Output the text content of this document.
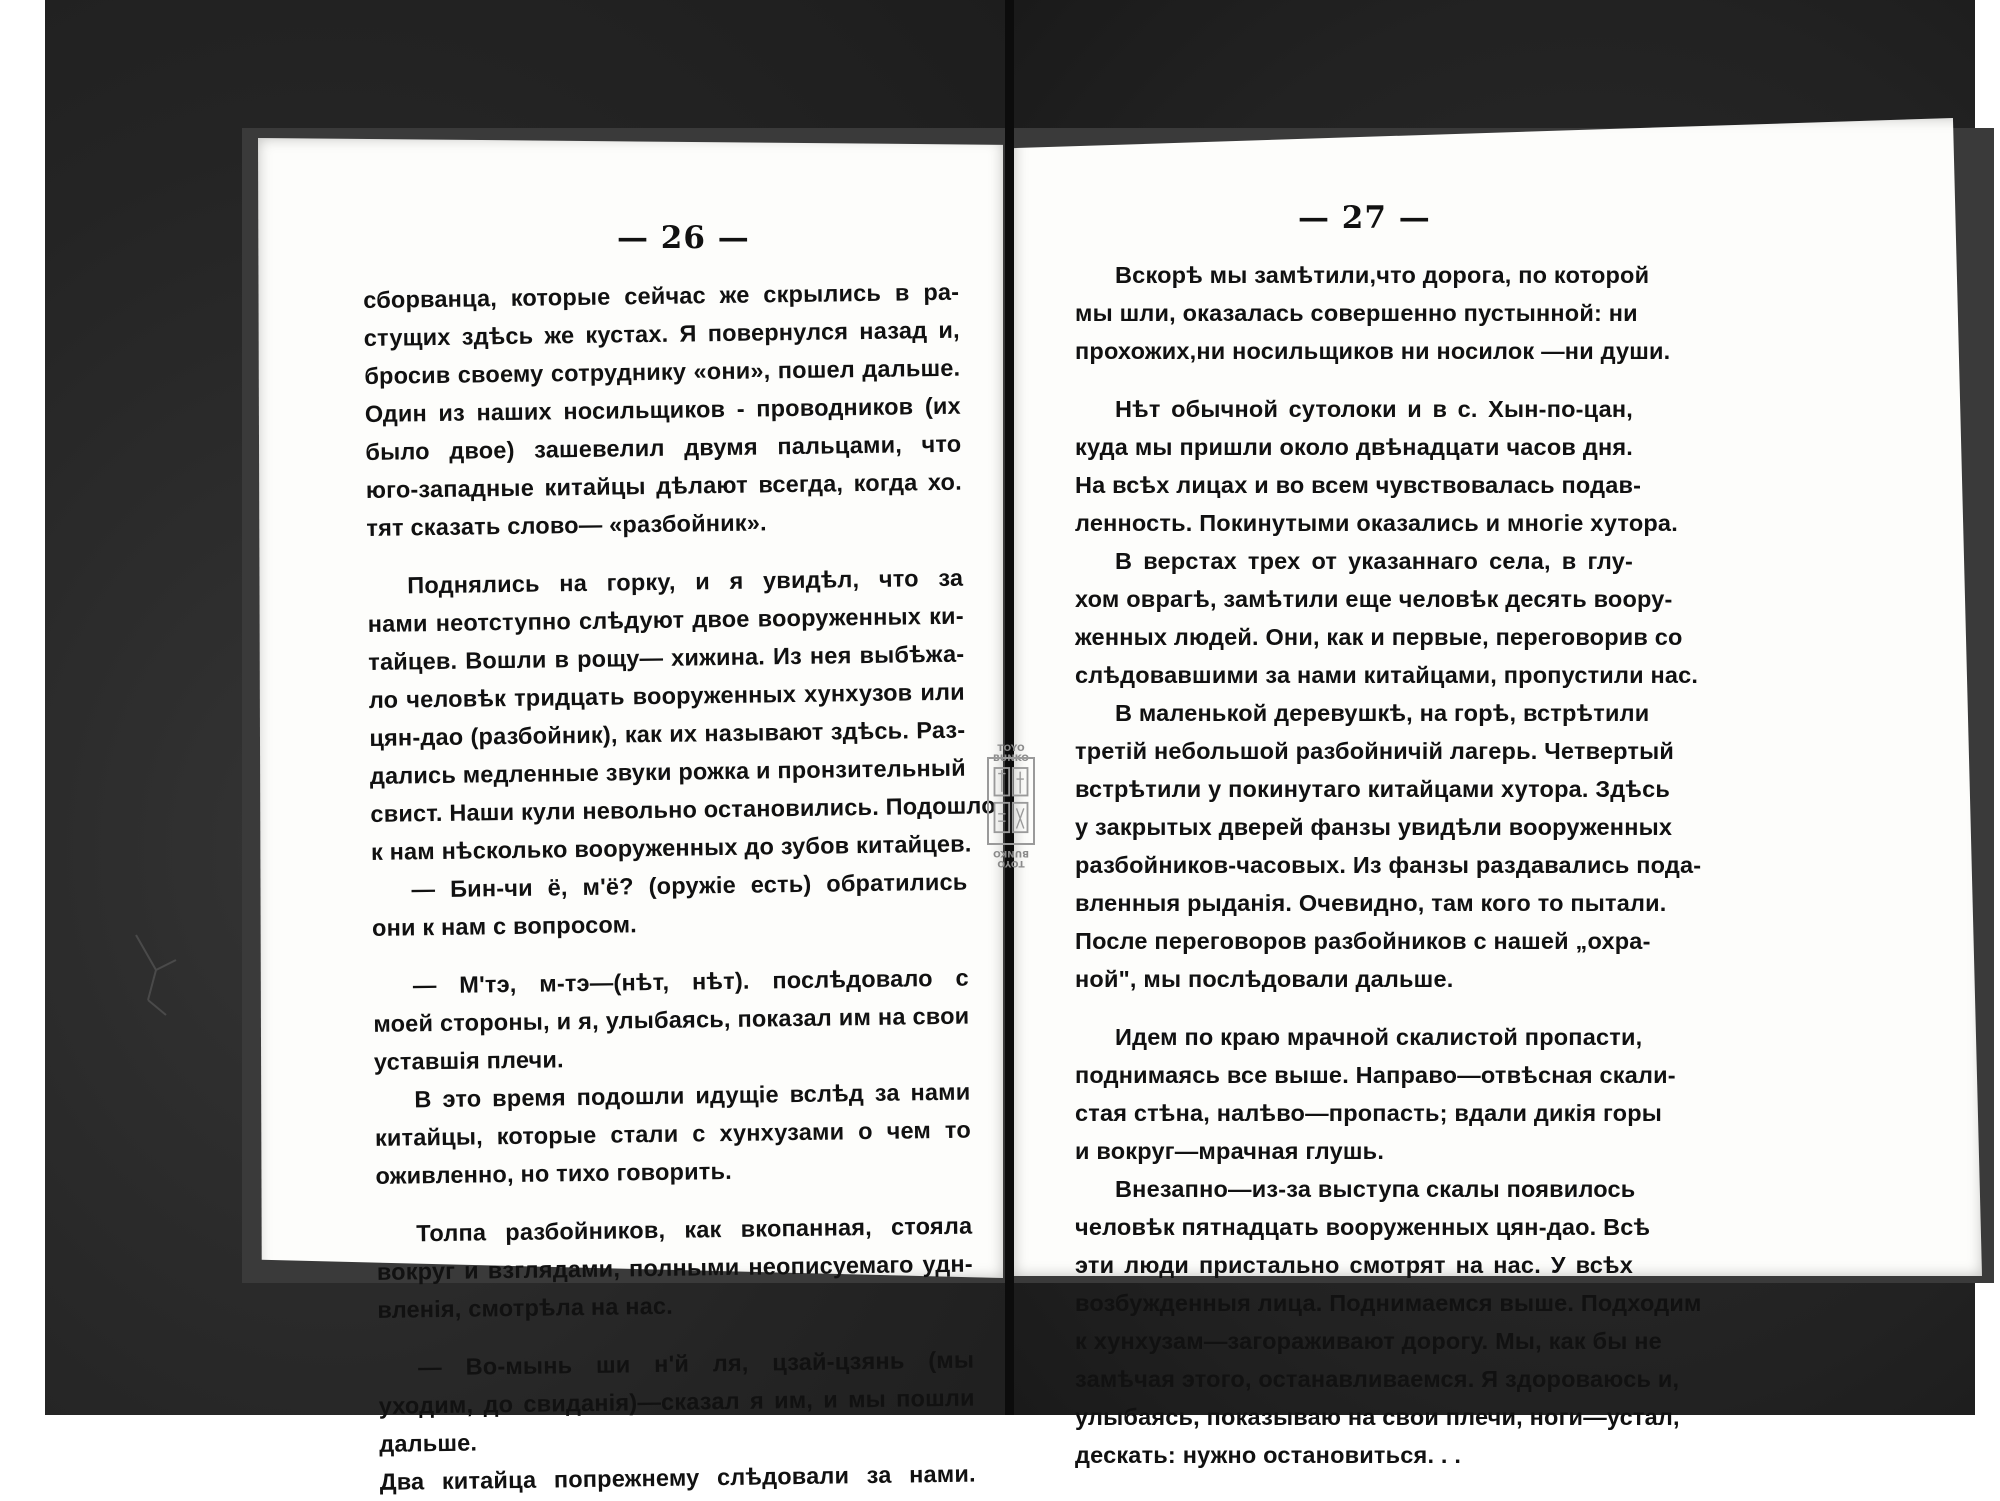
— 26 —
— 27 —
сборванца, которые сейчас же скрылись в ра-
стущих здѣсь же кустах. Я повернулся назад и,
бросив своему сотруднику «они», пошел дальше.
Один из наших носильщиков - проводников (их
было двое) зашевелил двумя пальцами, что
юго-западные китайцы дѣлают всегда, когда хо.
тят сказать слово— «разбойник».
Поднялись на горку, и я увидѣл, что за
нами неотступно слѣдуют двое вооруженных ки-
тайцев. Вошли в рощу— хижина. Из нея выбѣжа-
ло человѣк тридцать вооруженных хунхузов или
цян-дао (разбойник), как их называют здѣсь. Раз-
дались медленные звуки рожка и пронзительный
свист. Наши кули невольно остановились. Подошло
к нам нѣсколько вооруженных до зубов китайцев.
— Бин-чи ё, м'ё? (оружіе есть) обратились
они к нам с вопросом.
— М'тэ, м-тэ—(нѣт, нѣт). послѣдовало с
моей стороны, и я, улыбаясь, показал им на свои
уставшія плечи.
В это время подошли идущіе вслѣд за нами
китайцы, которые стали с хунхузами о чем то
оживленно, но тихо говорить.
Толпа разбойников, как вкопанная, стояла
вокруг и взглядами, полными неописуемаго удн-
вленія, смотрѣла на нас.
— Во-мынь ши н'й ля, цзай-цзянь (мы
уходим, до свиданія)—сказал я им, и мы пошли
дальше.
Два китайца попрежнему слѣдовали за нами.
Вскорѣ мы замѣтили,что дорога, по которой
мы шли, оказалась совершенно пустынной: ни
прохожих,ни носильщиков ни носилок —ни души.
Нѣт обычной сутолоки и в с. Хын-по-цан,
куда мы пришли около двѣнадцати часов дня.
На всѣх лицах и во всем чувствовалась подав-
ленность. Покинутыми оказались и многіе хутора.
В верстах трех от указаннаго села, в глу-
хом оврагѣ, замѣтили еще человѣк десять воору-
женных людей. Они, как и первые, переговорив со
слѣдовавшими за нами китайцами, пропустили нас.
В маленькой деревушкѣ, на горѣ, встрѣтили
третій небольшой разбойничій лагерь. Четвертый
встрѣтили у покинутаго китайцами хутора. Здѣсь
у закрытых дверей фанзы увидѣли вооруженных
разбойников-часовых. Из фанзы раздавались пода-
вленныя рыданія. Очевидно, там кого то пытали.
После переговоров разбойников с нашей „охра-
ной", мы послѣдовали дальше.
Идем по краю мрачной скалистой пропасти,
поднимаясь все выше. Направо—отвѣсная скали-
стая стѣна, налѣво—пропасть; вдали дикія горы
и вокруг—мрачная глушь.
Внезапно—из-за выступа скалы появилось
человѣк пятнадцать вооруженных цян-дао. Всѣ
эти люди пристально смотрят на нас. У всѣх
возбужденныя лица. Поднимаемся выше. Подходим
к хунхузам—загораживают дорогу. Мы, как бы не
замѣчая этого, останавливаемся. Я здороваюсь и,
улыбаясь, показываю на свои плечи, ноги—устал,
дескать: нужно остановиться. . .
TOYO BUNKO
TOYO BUNKO
